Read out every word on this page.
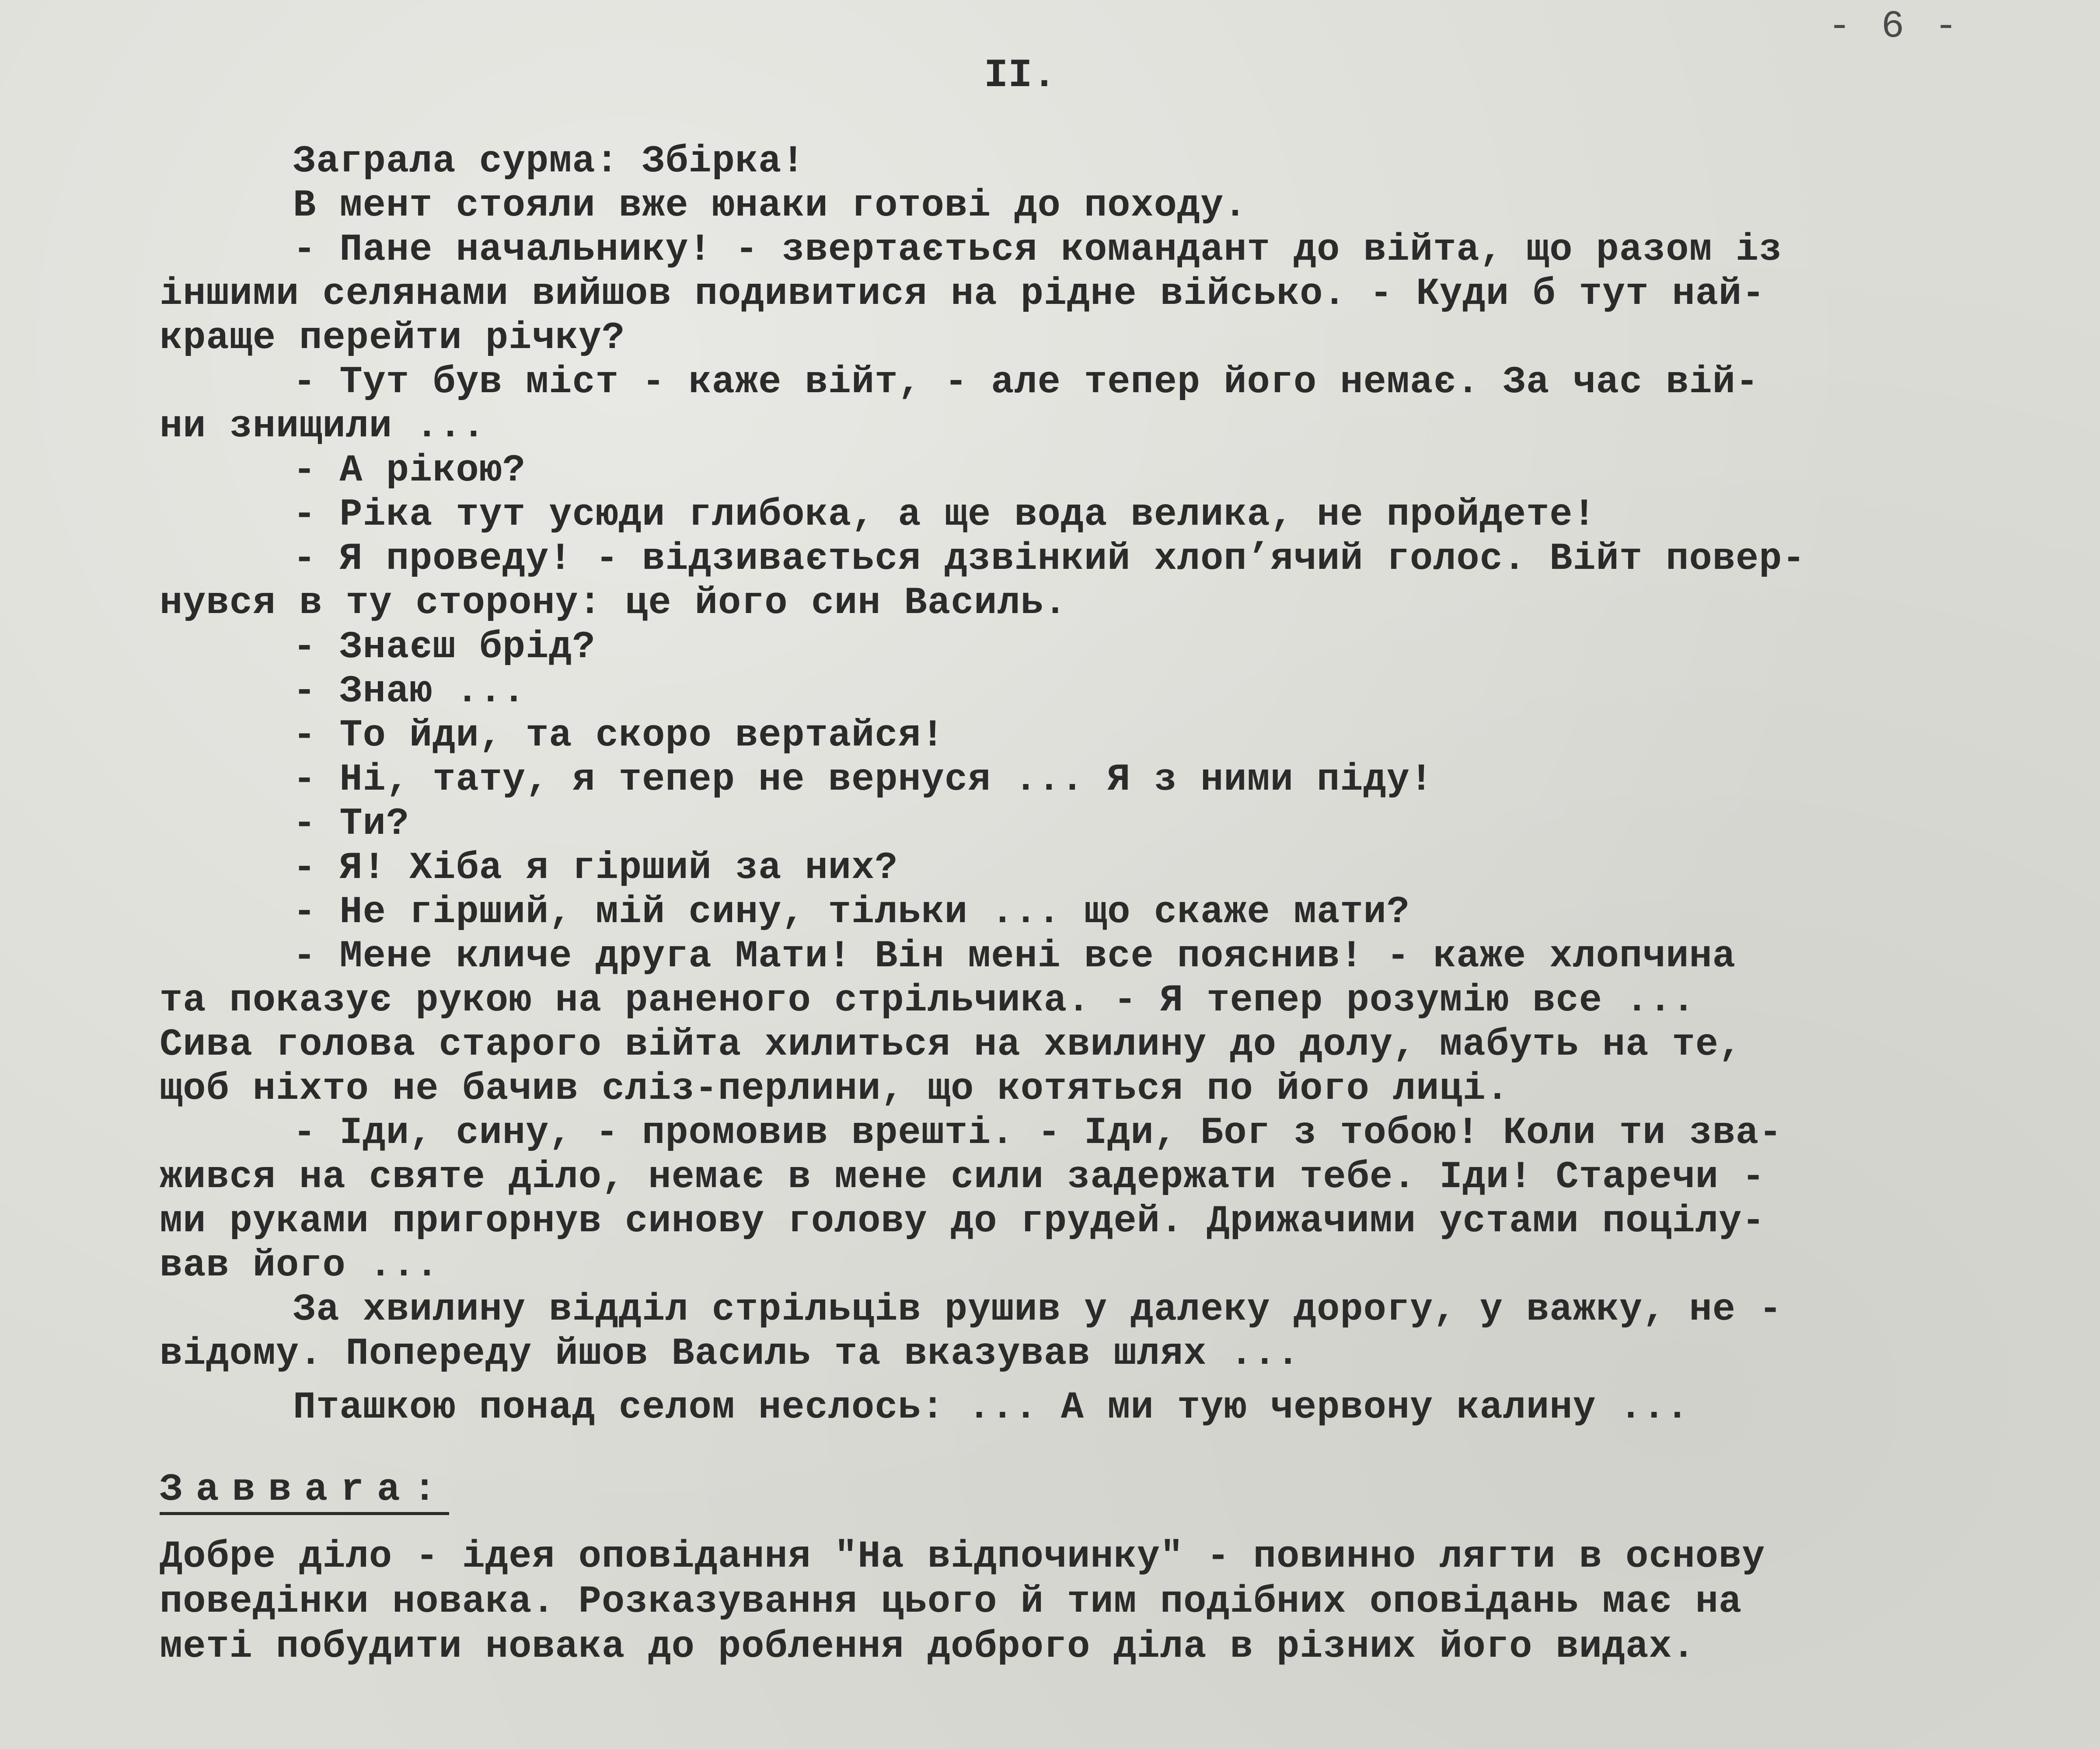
- 6 -
II.
Заграла сурма: Збірка!
В мент стояли вже юнаки готові до походу.
- Пане начальнику! - звертається командант до війта, що разом із
іншими селянами вийшов подивитися на рідне військо. - Куди б тут най-
краще перейти річку?
- Тут був міст - каже війт, - але тепер його немає. За час вій-
ни знищили ...
- А рікою?
- Ріка тут усюди глибока, а ще вода велика, не пройдете!
- Я проведу! - відзивається дзвінкий хлоп’ячий голос. Війт повер-
нувся в ту сторону: це його син Василь.
- Знаєш брід?
- Знаю ...
- То йди, та скоро вертайся!
- Ні, тату, я тепер не вернуся ... Я з ними піду!
- Ти?
- Я! Хіба я гірший за них?
- Не гірший, мій сину, тільки ... що скаже мати?
- Мене кличе друга Мати! Він мені все пояснив! - каже хлопчина
та показує рукою на раненого стрільчика. - Я тепер розумію все ...
Сива голова старого війта хилиться на хвилину до долу, мабуть на те,
щоб ніхто не бачив сліз-перлини, що котяться по його лиці.
- Іди, сину, - промовив врешті. - Іди, Бог з тобою! Коли ти зва-
жився на святе діло, немає в мене сили задержати тебе. Іди! Старечи -
ми руками пригорнув синову голову до грудей. Дрижачими устами поцілу-
вав його ...
За хвилину відділ стрільців рушив у далеку дорогу, у важку, не -
відому. Попереду йшов Василь та вказував шлях ...
Пташкою понад селом неслось: ... А ми тую червону калину ...
Завваrа:
Добре діло - ідея оповідання "На відпочинку" - повинно лягти в основу
поведінки новака. Розказування цього й тим подібних оповідань має на
меті побудити новака до роблення доброго діла в різних його видах.
